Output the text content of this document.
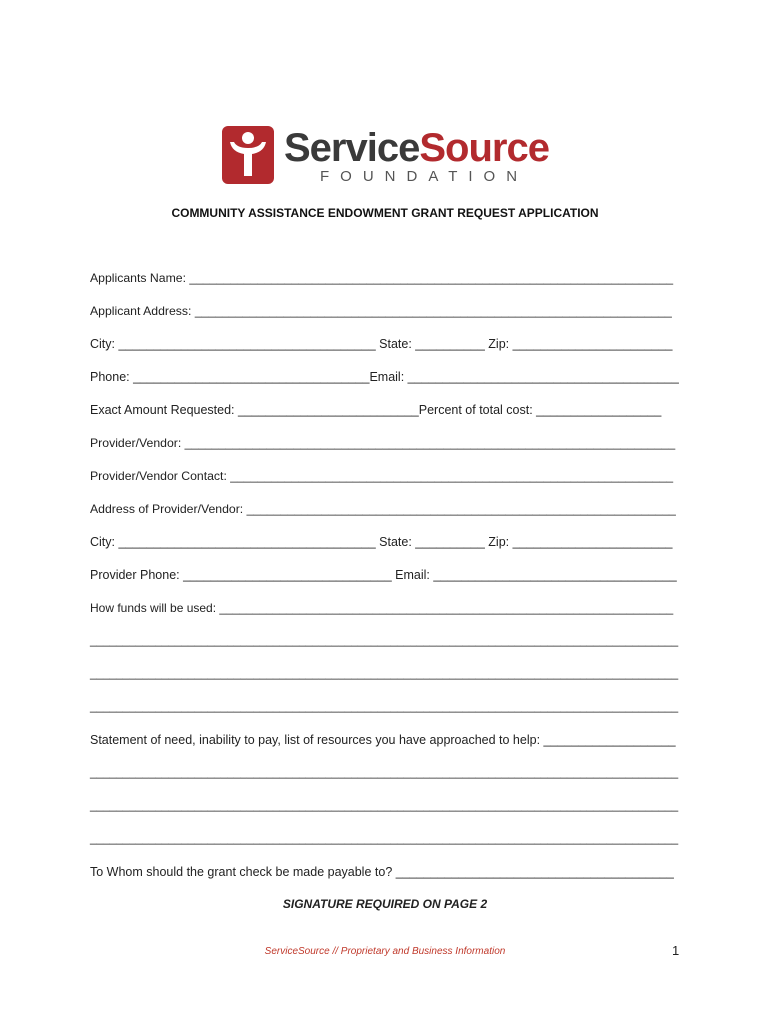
ServiceSource
FOUNDATION
COMMUNITY ASSISTANCE ENDOWMENT GRANT REQUEST APPLICATION
Applicants Name: _______________________________________________________________________
Applicant Address: ______________________________________________________________________
City: _____________________________________ State: __________ Zip: _______________________
Phone: __________________________________Email: _______________________________________
Exact Amount Requested: __________________________Percent of total cost: __________________
Provider/Vendor: ________________________________________________________________________
Provider/Vendor Contact: _________________________________________________________________
Address of Provider/Vendor: _______________________________________________________________
City: _____________________________________ State: __________ Zip: _______________________
Provider Phone: ______________________________ Email: ___________________________________
How funds will be used: ____________________________________________________________________
__________________________________________________________________________________________
__________________________________________________________________________________________
__________________________________________________________________________________________
Statement of need, inability to pay, list of resources you have approached to help: ___________________
__________________________________________________________________________________________
__________________________________________________________________________________________
__________________________________________________________________________________________
To Whom should the grant check be made payable to? ________________________________________
SIGNATURE REQUIRED ON PAGE 2
ServiceSource // Proprietary and Business Information	1
